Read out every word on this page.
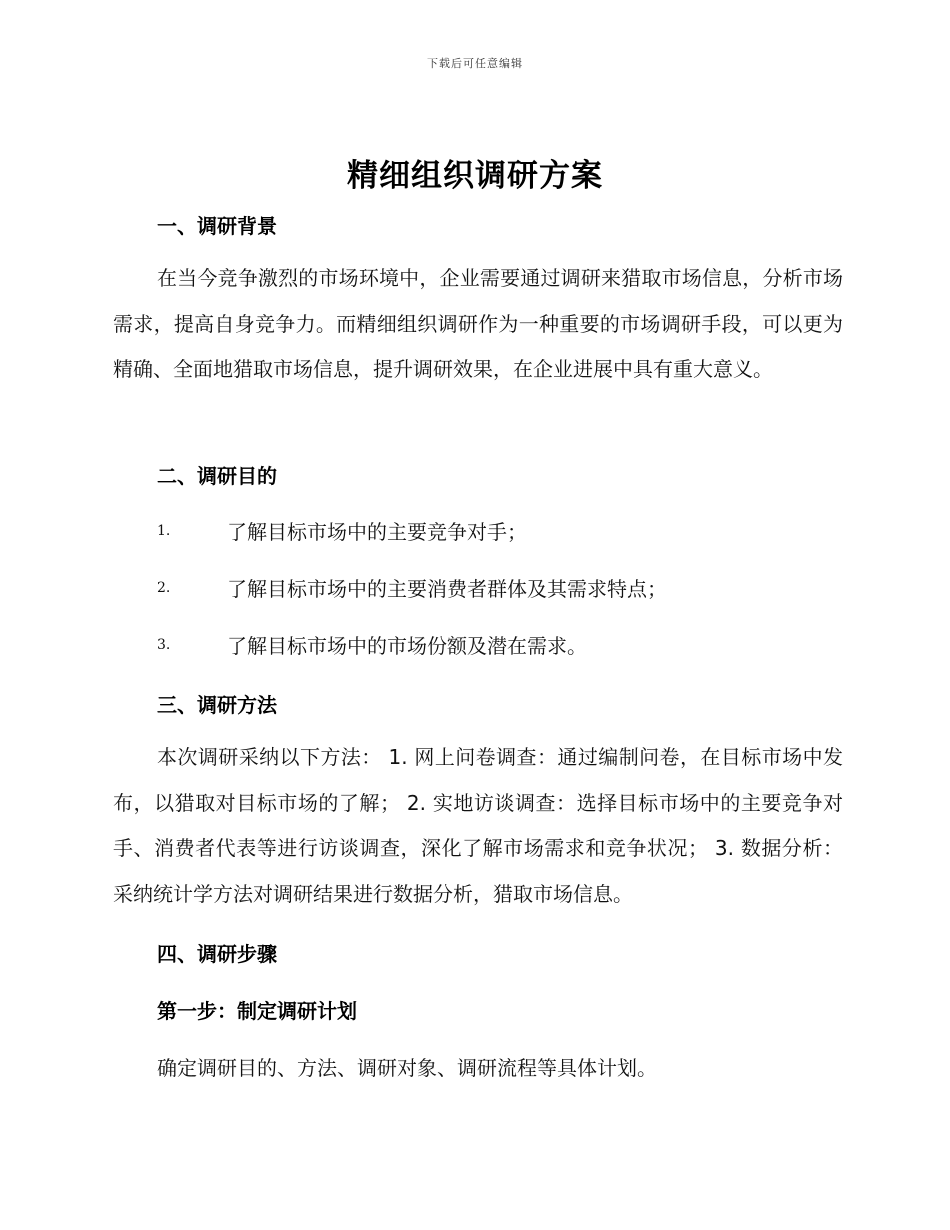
下载后可任意编辑
精细组织调研方案
一、调研背景
在当今竞争激烈的市场环境中，企业需要通过调研来猎取市场信息，分析市场需求，提高自身竞争力。而精细组织调研作为一种重要的市场调研手段，可以更为精确、全面地猎取市场信息，提升调研效果，在企业进展中具有重大意义。
二、调研目的
1.	了解目标市场中的主要竞争对手；
2.	了解目标市场中的主要消费者群体及其需求特点；
3.	了解目标市场中的市场份额及潜在需求。
三、调研方法
本次调研采纳以下方法： 1. 网上问卷调查：通过编制问卷，在目标市场中发布，以猎取对目标市场的了解； 2. 实地访谈调查：选择目标市场中的主要竞争对手、消费者代表等进行访谈调查，深化了解市场需求和竞争状况； 3. 数据分析：采纳统计学方法对调研结果进行数据分析，猎取市场信息。
四、调研步骤
第一步：制定调研计划
确定调研目的、方法、调研对象、调研流程等具体计划。
